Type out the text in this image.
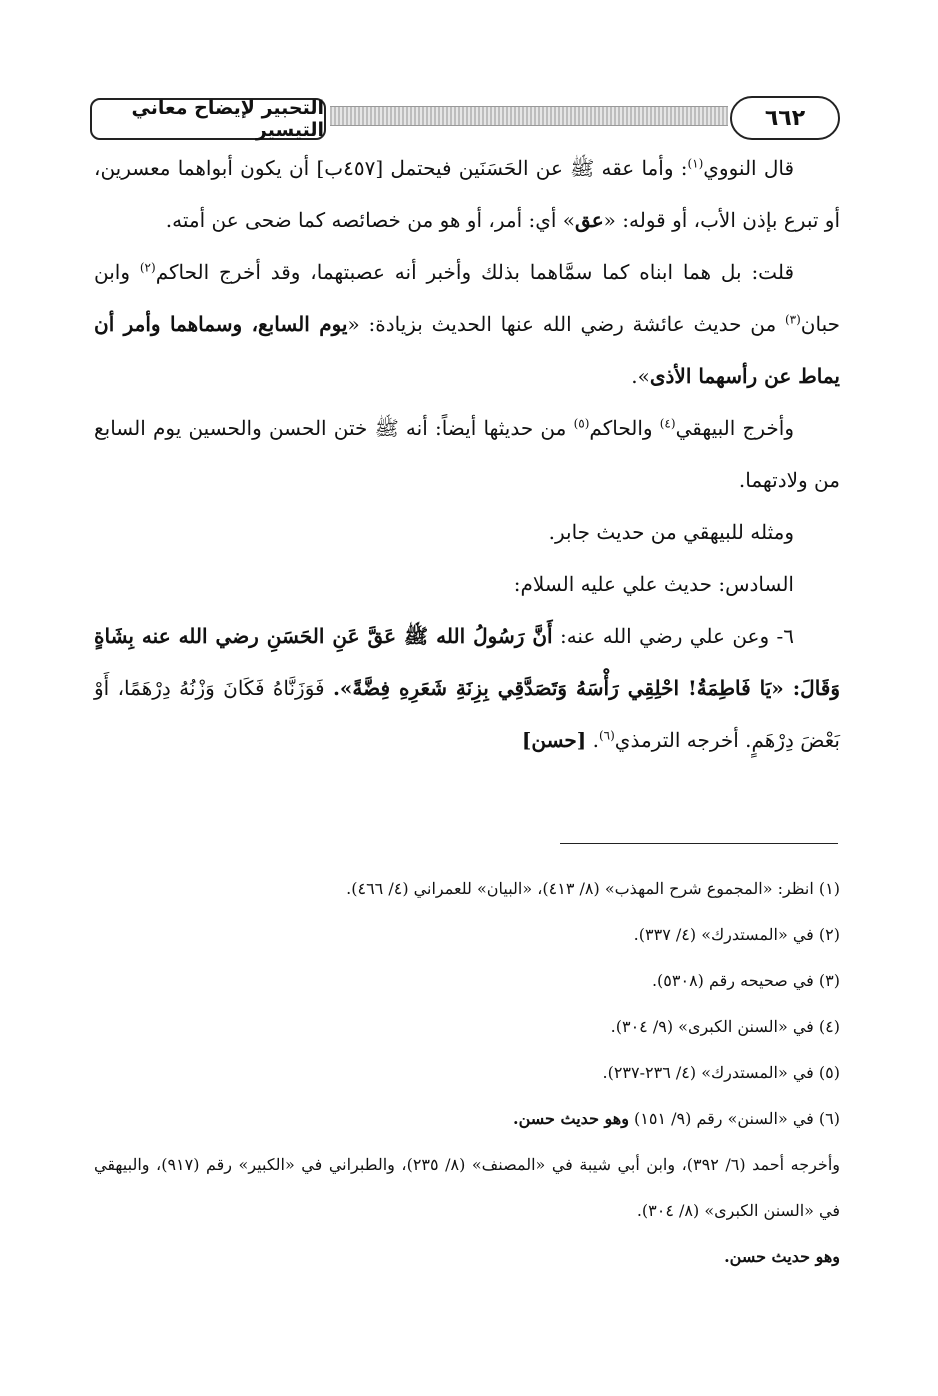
التحبير لإيضاح معاني التيسير	٦٦٢

قال النووي$^{(١)}$: وأما عقه ﷺ عن الحَسَنَين فيحتمل [٤٥٧ب] أن يكون أبواهما معسرين، أو تبرع بإذن الأب، أو قوله: «عق» أي: أمر، أو هو من خصائصه كما ضحى عن أمته.

قلت: بل هما ابناه كما سمَّاهما بذلك وأخبر أنه عصبتهما، وقد أخرج الحاكم$^{(٢)}$ وابن حبان$^{(٣)}$ من حديث عائشة رضي الله عنها الحديث بزيادة: «يوم السابع، وسماهما وأمر أن يماط عن رأسهما الأذى».

وأخرج البيهقي$^{(٤)}$ والحاكم$^{(٥)}$ من حديثها أيضاً: أنه ﷺ ختن الحسن والحسين يوم السابع من ولادتهما.

ومثله للبيهقي من حديث جابر.

السادس: حديث علي عليه السلام:

٦- وعن علي رضي الله عنه: أَنَّ رَسُولُ الله ﷺ عَقَّ عَنِ الحَسَنِ رضي الله عنه بِشَاةٍ وَقَالَ: «يَا فَاطِمَةُ! احْلِقِي رَأْسَهُ وَتَصَدَّقِي بِزِنَةِ شَعَرِهِ فِضَّةً». فَوَزَنَّاهُ فَكَانَ وَزْنُهُ دِرْهَمًا، أَوْ بَعْضَ دِرْهَمٍ. أخرجه الترمذي$^{(٦)}$. [حسن]

(١) انظر: «المجموع شرح المهذب» (٨/ ٤١٣)، «البيان» للعمراني (٤/ ٤٦٦).

(٢) في «المستدرك» (٤/ ٣٣٧).

(٣) في صحيحه رقم (٥٣٠٨).

(٤) في «السنن الكبرى» (٩/ ٣٠٤).

(٥) في «المستدرك» (٤/ ٢٣٦-٢٣٧).

(٦) في «السنن» رقم (٩/ ١٥١) وهو حديث حسن.

وأخرجه أحمد (٦/ ٣٩٢)، وابن أبي شيبة في «المصنف» (٨/ ٢٣٥)، والطبراني في «الكبير» رقم (٩١٧)، والبيهقي في «السنن الكبرى» (٨/ ٣٠٤).

وهو حديث حسن.
